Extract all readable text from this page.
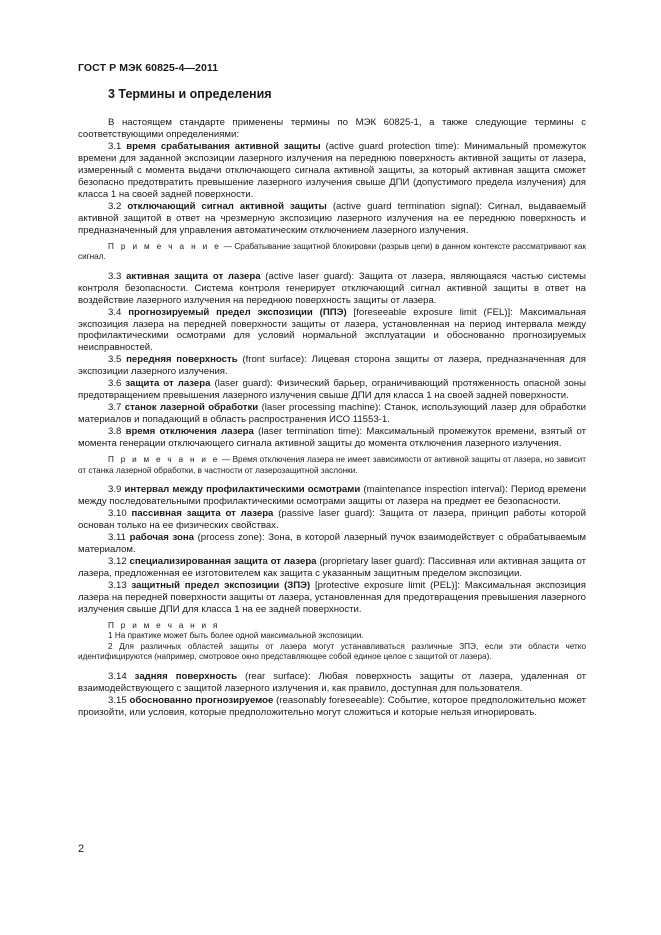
ГОСТ Р МЭК 60825-4—2011
3 Термины и определения

В настоящем стандарте применены термины по МЭК 60825-1, а также следующие термины с соответствующими определениями:

3.1 время срабатывания активной защиты (active guard protection time): Минимальный промежуток времени для заданной экспозиции лазерного излучения на переднюю поверхность активной защиты от лазера, измеренный с момента выдачи отключающего сигнала активной защиты, за который активная защита сможет безопасно предотвратить превышение лазерного излучения свыше ДПИ (допустимого предела излучения) для класса 1 на своей задней поверхности.

3.2 отключающий сигнал активной защиты (active guard termination signal): Сигнал, выдаваемый активной защитой в ответ на чрезмерную экспозицию лазерного излучения на ее переднюю поверхность и предназначенный для управления автоматическим отключением лазерного излучения.

П р и м е ч а н и е — Срабатывание защитной блокировки (разрыв цепи) в данном контексте рассматривают как сигнал.

3.3 активная защита от лазера (active laser guard): Защита от лазера, являющаяся частью системы контроля безопасности. Система контроля генерирует отключающий сигнал активной защиты в ответ на воздействие лазерного излучения на переднюю поверхность защиты от лазера.

3.4 прогнозируемый предел экспозиции (ППЭ) [foreseeable exposure limit (FEL)]: Максимальная экспозиция лазера на передней поверхности защиты от лазера, установленная на период интервала между профилактическими осмотрами для условий нормальной эксплуатации и обоснованно прогнозируемых неисправностей.

3.5 передняя поверхность (front surface): Лицевая сторона защиты от лазера, предназначенная для экспозиции лазерного излучения.

3.6 защита от лазера (laser guard): Физический барьер, ограничивающий протяженность опасной зоны предотвращением превышения лазерного излучения свыше ДПИ для класса 1 на своей задней поверхности.

3.7 станок лазерной обработки (laser processing machine): Станок, использующий лазер для обработки материалов и попадающий в область распространения ИСО 11553-1.

3.8 время отключения лазера (laser termination time): Максимальный промежуток времени, взятый от момента генерации отключающего сигнала активной защиты до момента отключения лазерного излучения.

П р и м е ч а н и е — Время отключения лазера не имеет зависимости от активной защиты от лазера, но зависит от станка лазерной обработки, в частности от лазерозащитной заслонки.

3.9 интервал между профилактическими осмотрами (maintenance inspection interval): Период времени между последовательными профилактическими осмотрами защиты от лазера на предмет ее безопасности.

3.10 пассивная защита от лазера (passive laser guard): Защита от лазера, принцип работы которой основан только на ее физических свойствах.

3.11 рабочая зона (process zone): Зона, в которой лазерный пучок взаимодействует с обрабатываемым материалом.

3.12 специализированная защита от лазера (proprietary laser guard): Пассивная или активная защита от лазера, предложенная ее изготовителем как защита с указанным защитным пределом экспозиции.

3.13 защитный предел экспозиции (ЗПЭ) [protective exposure limit (PEL)]: Максимальная экспозиция лазера на передней поверхности защиты от лазера, установленная для предотвращения превышения лазерного излучения свыше ДПИ для класса 1 на ее задней поверхности.

П р и м е ч а н и я

1 На практике может быть более одной максимальной экспозиции.

2 Для различных областей защиты от лазера могут устанавливаться различные ЗПЭ, если эти области четко идентифицируются (например, смотровое окно представляющее собой единое целое с защитой от лазера).

3.14 задняя поверхность (rear surface): Любая поверхность защиты от лазера, удаленная от взаимодействующего с защитой лазерного излучения и, как правило, доступная для пользователя.

3.15 обоснованно прогнозируемое (reasonably foreseeable): Событие, которое предположительно может произойти, или условия, которые предположительно могут сложиться и которые нельзя игнорировать.

2
